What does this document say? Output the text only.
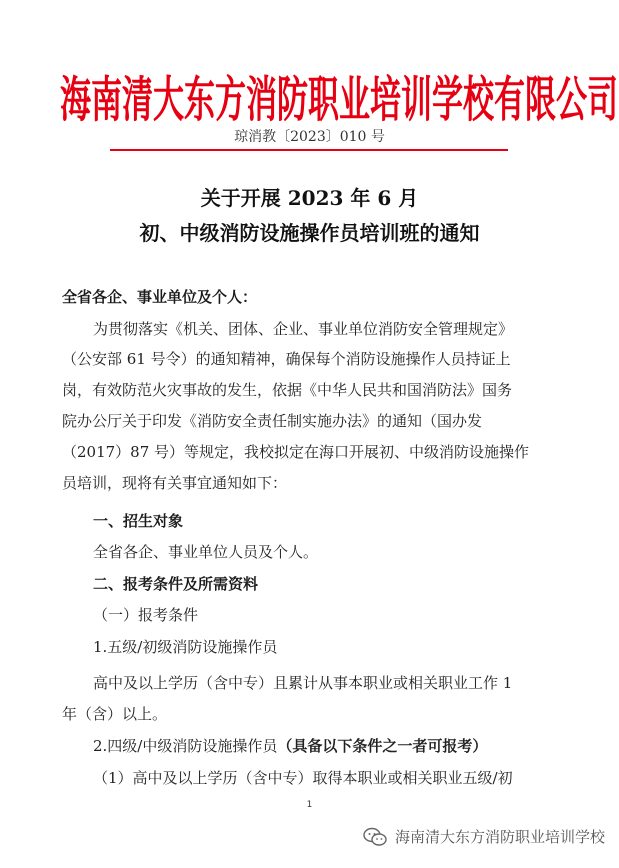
海南清大东方消防职业培训学校有限公司
琼消教〔2023〕010 号
关于开展 2023 年 6 月
初、中级消防设施操作员培训班的通知
全省各企、事业单位及个人：
为贯彻落实《机关、团体、企业、事业单位消防安全管理规定》
（公安部 61 号令）的通知精神，确保每个消防设施操作人员持证上
岗，有效防范火灾事故的发生，依据《中华人民共和国消防法》国务
院办公厅关于印发《消防安全责任制实施办法》的通知（国办发
（2017）87 号）等规定，我校拟定在海口开展初、中级消防设施操作
员培训，现将有关事宜通知如下：
一、招生对象
全省各企、事业单位人员及个人。
二、报考条件及所需资料
（一）报考条件
1.五级/初级消防设施操作员
高中及以上学历（含中专）且累计从事本职业或相关职业工作 1
年（含）以上。
2.四级/中级消防设施操作员（具备以下条件之一者可报考）
（1）高中及以上学历（含中专）取得本职业或相关职业五级/初
1
海南清大东方消防职业培训学校
